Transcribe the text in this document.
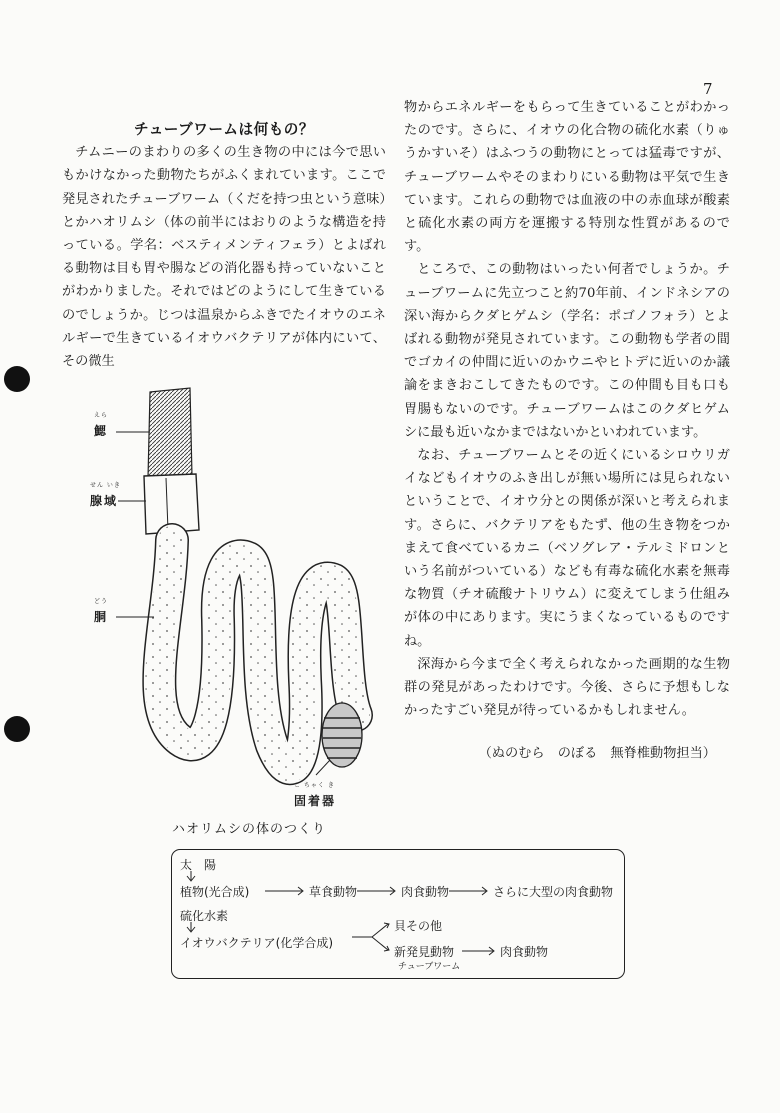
7
チューブワームは何もの？

チムニーのまわりの多くの生き物の中には今で思いもかけなかった動物たちがふくまれています。ここで発見されたチューブワーム（くだを持つ虫という意味）とかハオリムシ（体の前半にはおりのような構造を持っている。学名：ベスティメンティフェラ）とよばれる動物は目も胃や腸などの消化器も持っていないことがわかりました。それではどのようにして生きているのでしょうか。じつは温泉からふきでたイオウのエネルギーで生きているイオウバクテリアが体内にいて、その微生

物からエネルギーをもらって生きていることがわかったのです。さらに、イオウの化合物の硫化水素（りゅうかすいそ）はふつうの動物にとっては猛毒ですが、チューブワームやそのまわりにいる動物は平気で生きています。これらの動物では血液の中の赤血球が酸素と硫化水素の両方を運搬する特別な性質があるのです。

ところで、この動物はいったい何者でしょうか。チューブワームに先立つこと約70年前、インドネシアの深い海からクダヒゲムシ（学名：ポゴノフォラ）とよばれる動物が発見されています。この動物も学者の間でゴカイの仲間に近いのかウニやヒトデに近いのか議論をまきおこしてきたものです。この仲間も目も口も胃腸もないのです。チューブワームはこのクダヒゲムシに最も近いなかまではないかといわれています。

なお、チューブワームとその近くにいるシロウリガイなどもイオウのふき出しが無い場所には見られないということで、イオウ分との関係が深いと考えられます。さらに、バクテリアをもたず、他の生き物をつかまえて食べているカニ（ベソグレア・テルミドロンという名前がついている）なども有毒な硫化水素を無毒な物質（チオ硫酸ナトリウム）に変えてしまう仕組みが体の中にあります。実にうまくなっているものですね。

深海から今まで全く考えられなかった画期的な生物群の発見があったわけです。今後、さらに予想もしなかったすごい発見が待っているかもしれません。

（ぬのむら　のぼる　無脊椎動物担当）
えら
鰓
せん いき
腺域
どう
胴
こ ちゃく き
固着器
ハオリムシの体のつくり
太　陽
植物(光合成)	草食動物	肉食動物	さらに大型の肉食動物
硫化水素
イオウバクテリア(化学合成)
貝その他
新発見動物
チューブワーム
肉食動物
